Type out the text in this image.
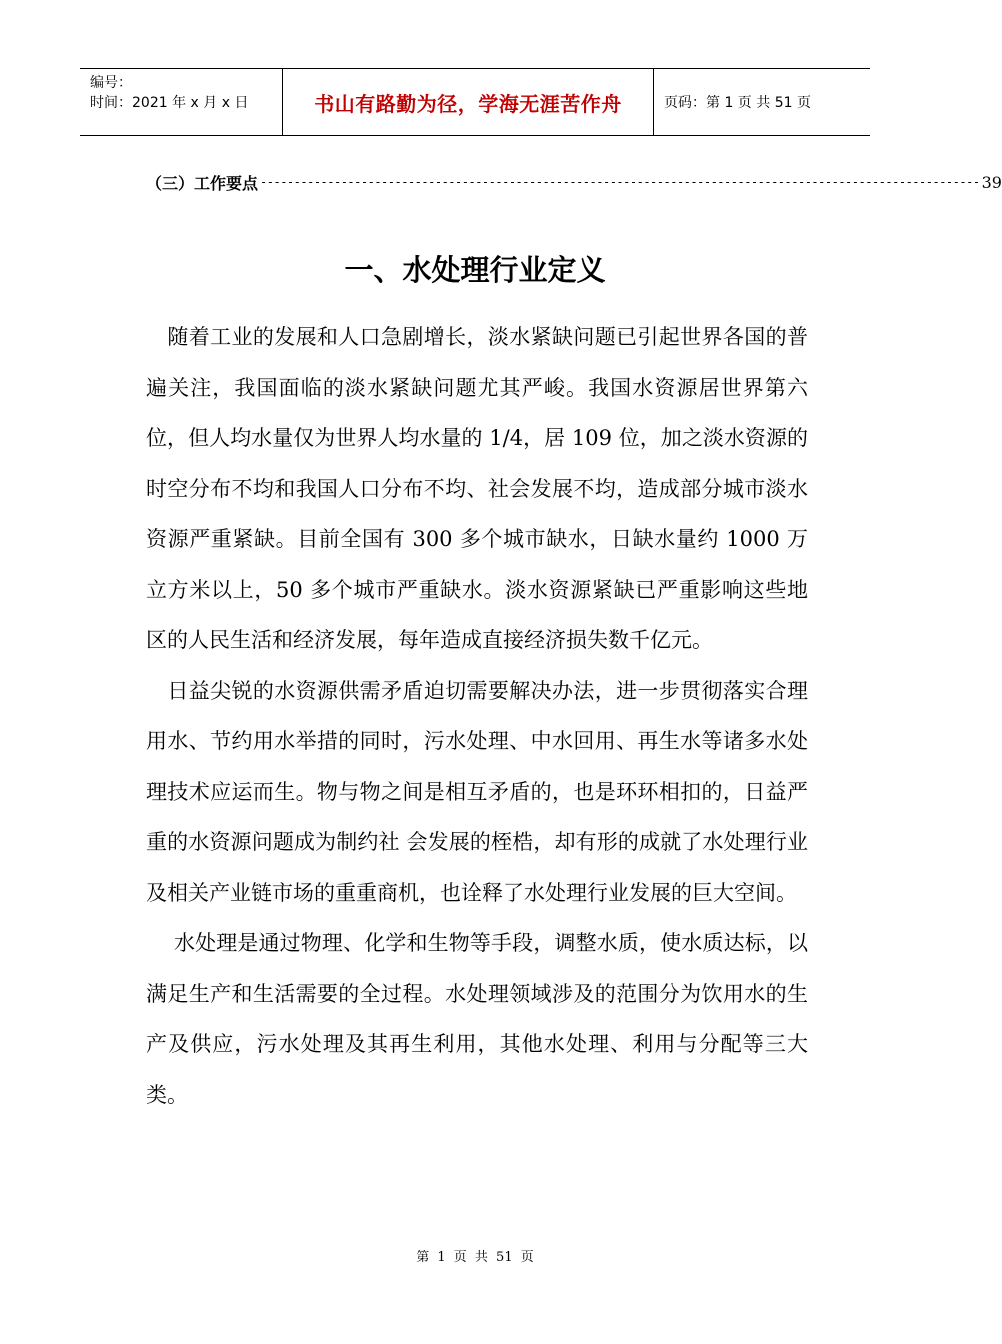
编号：
时间：2021 年 x 月 x 日	书山有路勤为径，学海无涯苦作舟	页码：第 1 页 共 51 页
（三）工作要点 ----------------------------------------------------------------------------------------------------------- 39
一、水处理行业定义

　随着工业的发展和人口急剧增长，淡水紧缺问题已引起世界各国的普遍关注，我国面临的淡水紧缺问题尤其严峻。我国水资源居世界第六位，但人均水量仅为世界人均水量的 1/4，居 109 位，加之淡水资源的时空分布不均和我国人口分布不均、社会发展不均，造成部分城市淡水资源严重紧缺。目前全国有 300 多个城市缺水，日缺水量约 1000 万立方米以上，50 多个城市严重缺水。淡水资源紧缺已严重影响这些地区的人民生活和经济发展，每年造成直接经济损失数千亿元。

　日益尖锐的水资源供需矛盾迫切需要解决办法，进一步贯彻落实合理用水、节约用水举措的同时，污水处理、中水回用、再生水等诸多水处理技术应运而生。物与物之间是相互矛盾的，也是环环相扣的，日益严重的水资源问题成为制约社 会发展的桎梏，却有形的成就了水处理行业及相关产业链市场的重重商机，也诠释了水处理行业发展的巨大空间。

　 水处理是通过物理、化学和生物等手段，调整水质，使水质达标，以满足生产和生活需要的全过程。水处理领域涉及的范围分为饮用水的生产及供应，污水处理及其再生利用，其他水处理、利用与分配等三大类。

第 1 页 共 51 页
